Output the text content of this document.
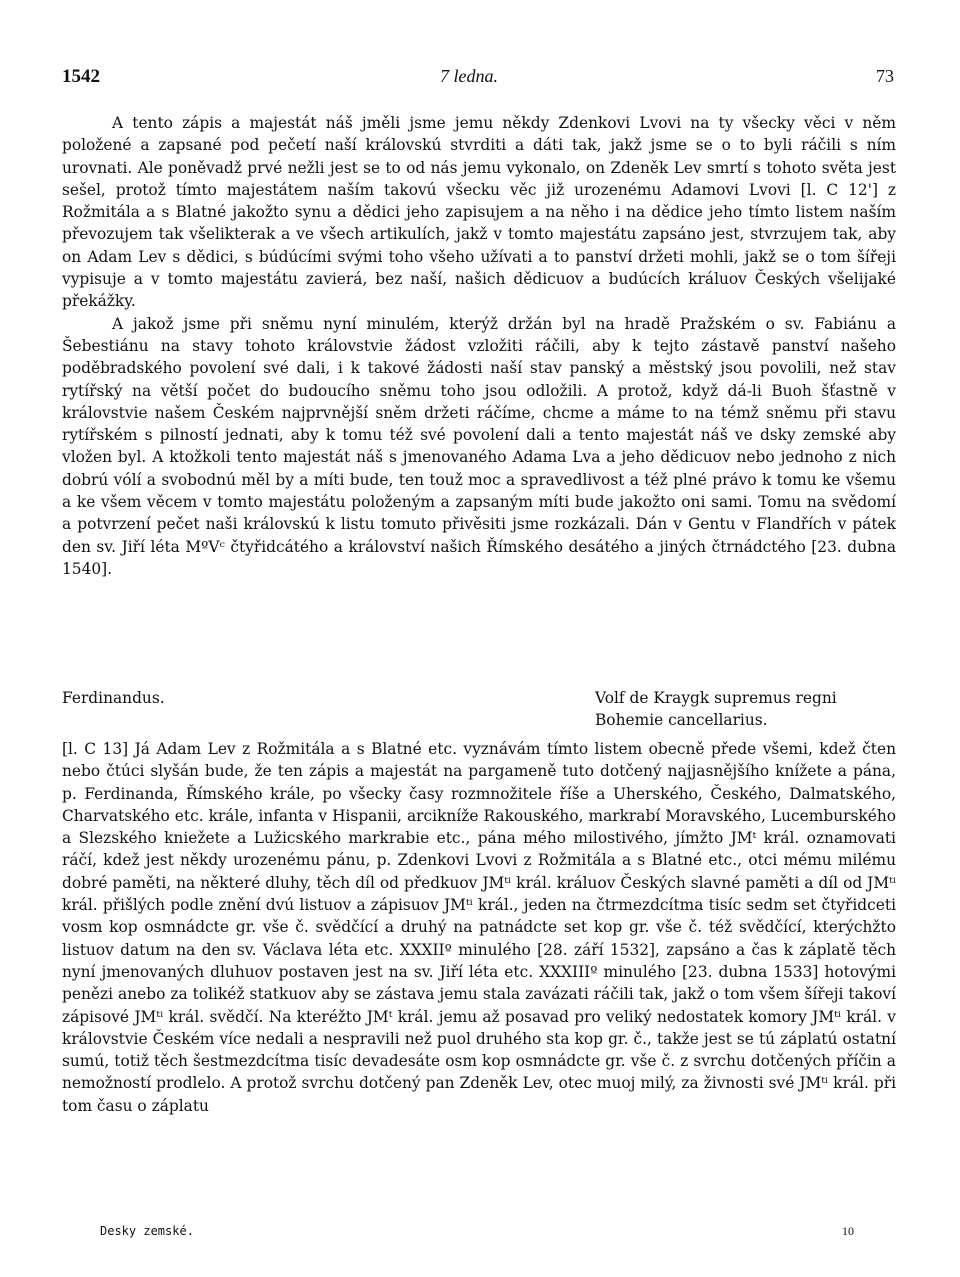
1542	7 ledna.	73

A tento zápis a majestát náš jměli jsme jemu někdy Zdenkovi Lvovi na ty všecky věci v něm položené a zapsané pod pečetí naší královskú stvrditi a dáti tak, jakž jsme se o to byli ráčili s ním urovnati. Ale poněvadž prvé nežli jest se to od nás jemu vykonalo, on Zdeněk Lev smrtí s tohoto světa jest sešel, protož tímto majestátem naším takovú všecku věc již urozenému Adamovi Lvovi [l. C 12'] z Rožmitála a s Blatné jakožto synu a dědici jeho zapisujem a na něho i na dědice jeho tímto listem naším převozujem tak všelikterak a ve všech artikulích, jakž v tomto majestátu zapsáno jest, stvrzujem tak, aby on Adam Lev s dědici, s búdúcími svými toho všeho užívati a to panství držeti mohli, jakž se o tom šířeji vypisuje a v tomto majestátu zavierá, bez naší, našich dědicuov a budúcích králuov Českých všelijaké překážky.

A jakož jsme při sněmu nyní minulém, kterýž držán byl na hradě Pražském o sv. Fabiánu a Šebestiánu na stavy tohoto královstvie žádost vzložiti ráčili, aby k tejto zástavě panství našeho poděbradského povolení své dali, i k takové žádosti naší stav panský a městský jsou povolili, než stav rytířský na větší počet do budoucího sněmu toho jsou odložili. A protož, když dá-li Buoh šťastně v královstvie našem Českém najprvnější sněm držeti ráčíme, chcme a máme to na témž sněmu při stavu rytířském s pilností jednati, aby k tomu též své povolení dali a tento majestát náš ve dsky zemské aby vložen byl. A ktožkoli tento majestát náš s jmenovaného Adama Lva a jeho dědicuov nebo jednoho z nich dobrú vólí a svobodnú měl by a míti bude, ten touž moc a spravedlivost a též plné právo k tomu ke všemu a ke všem věcem v tomto majestátu položeným a zapsaným míti bude jakožto oni sami. Tomu na svědomí a potvrzení pečet naši královskú k listu tomuto přivěsiti jsme rozkázali. Dán v Gentu v Flandřích v pátek den sv. Jiří léta MºVᶜ čtyřidcátého a království našich Římského desátého a jiných čtrnádctého [23. dubna 1540].

Ferdinandus.	Volf de Kraygk supremus regni
Bohemie cancellarius.

[l. C 13] Já Adam Lev z Rožmitála a s Blatné etc. vyznávám tímto listem obecně přede všemi, kdež čten nebo čtúci slyšán bude, že ten zápis a majestát na pargameně tuto dotčený najjasnějšího knížete a pána, p. Ferdinanda, Římského krále, po všecky časy rozmnožitele říše a Uherského, Českého, Dalmatského, Charvatského etc. krále, infanta v Hispanii, arcikníže Rakouského, markrabí Moravského, Lucemburského a Slezského kniežete a Lužicského markrabie etc., pána mého milostivého, jímžto JMᵗ král. oznamovati ráčí, kdež jest někdy urozenému pánu, p. Zdenkovi Lvovi z Rožmitála a s Blatné etc., otci mému milému dobré paměti, na některé dluhy, těch díl od předkuov JMᵗⁱ král. králuov Českých slavné paměti a díl od JMᵗⁱ král. přišlých podle znění dvú listuov a zápisuov JMᵗⁱ král., jeden na čtrmezdcítma tisíc sedm set čtyřidceti vosm kop osmnádcte gr. vše č. svědčící a druhý na patnádcte set kop gr. vše č. též svědčící, kterýchžto listuov datum na den sv. Václava léta etc. XXXIIº minulého [28. září 1532], zapsáno a čas k záplatě těch nyní jmenovaných dluhuov postaven jest na sv. Jiří léta etc. XXXIIIº minulého [23. dubna 1533] hotovými penězi anebo za tolikéž statkuov aby se zástava jemu stala zavázati ráčili tak, jakž o tom všem šířeji takoví zápisové JMᵗⁱ král. svědčí. Na kteréžto JMᵗ král. jemu až posavad pro veliký nedostatek komory JMᵗⁱ král. v královstvie Českém více nedali a nespravili než puol druhého sta kop gr. č., takže jest se tú záplatú ostatní sumú, totiž těch šestmezdcítma tisíc devadesáte osm kop osmnádcte gr. vše č. z svrchu dotčených příčin a nemožností prodlelo. A protož svrchu dotčený pan Zdeněk Lev, otec muoj milý, za živnosti své JMᵗⁱ král. při tom času o záplatu

Desky zemské.	10
